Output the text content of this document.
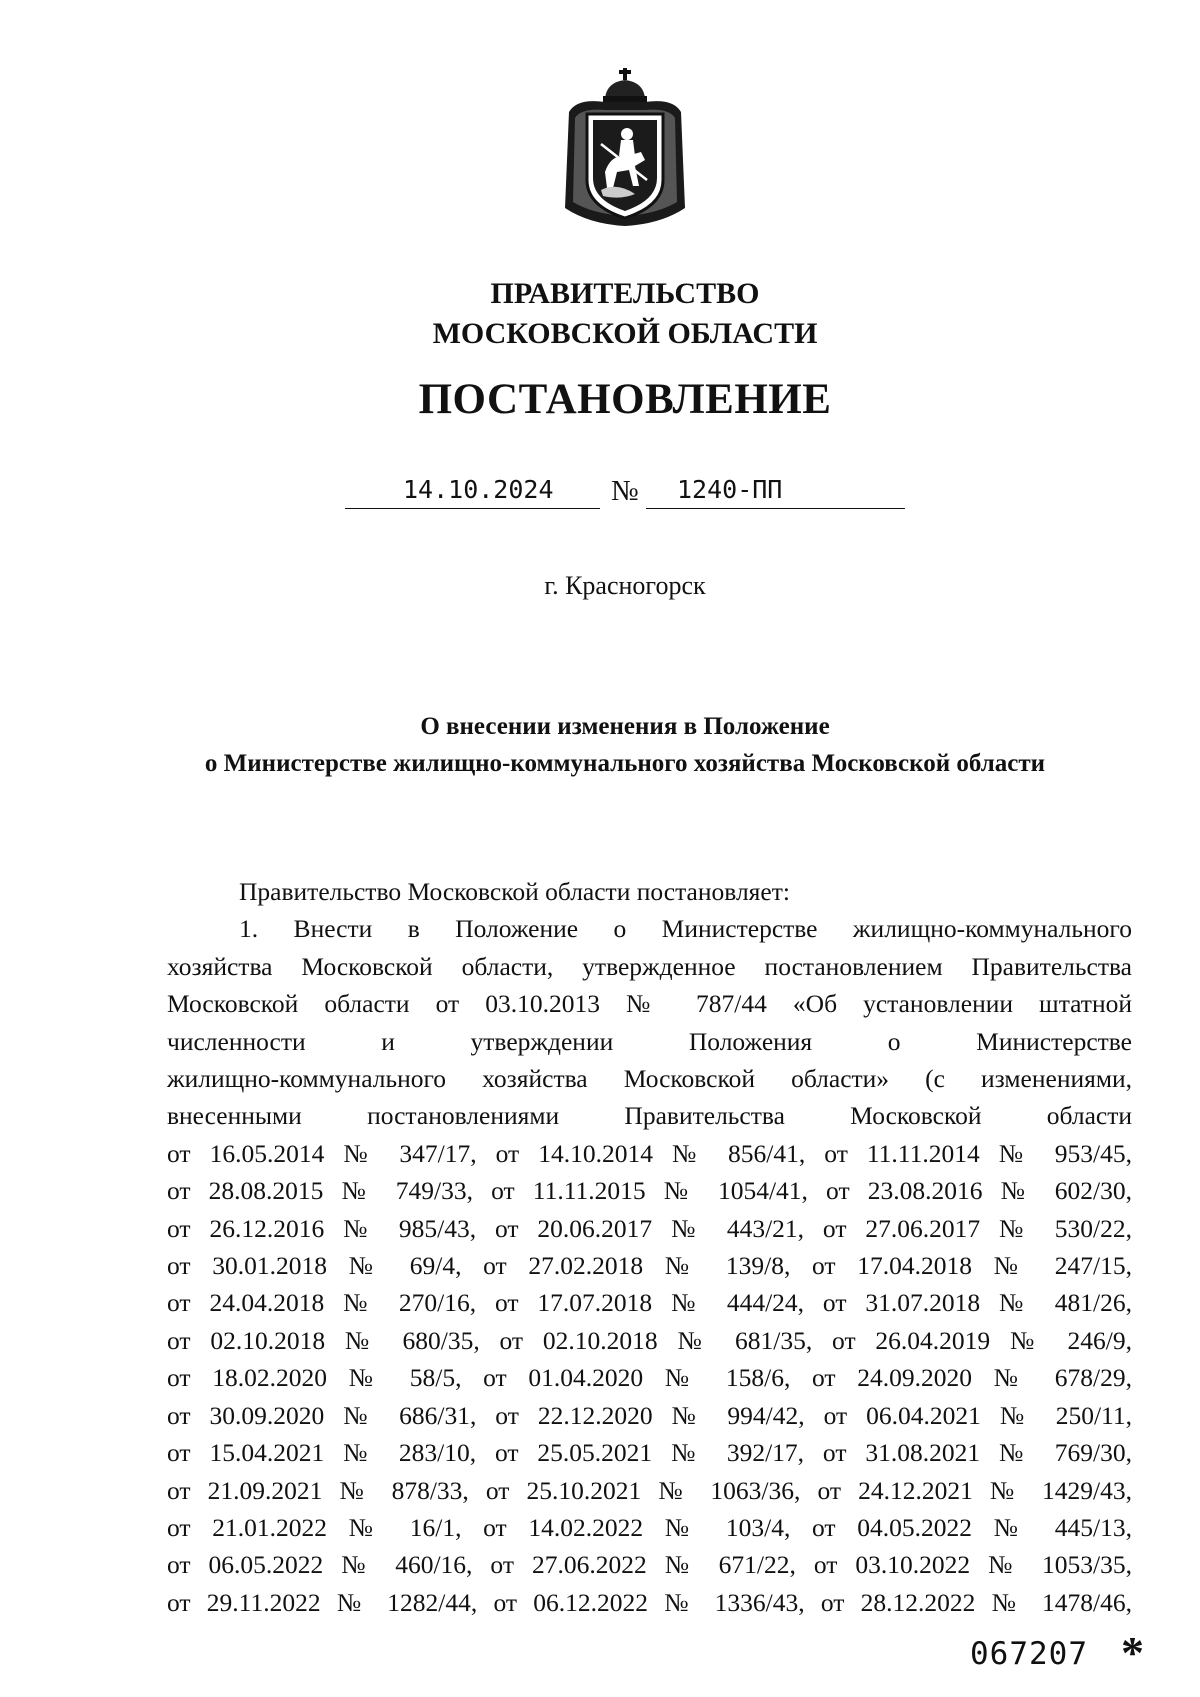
ПРАВИТЕЛЬСТВО
МОСКОВСКОЙ ОБЛАСТИ
ПОСТАНОВЛЕНИЕ
14.10.2024 № 1240-ПП
г. Красногорск
О внесении изменения в Положение
о Министерстве жилищно-коммунального хозяйства Московской области
Правительство Московской области постановляет:
1. Внести в Положение о Министерстве жилищно-коммунального
хозяйства Московской области, утвержденное постановлением Правительства
Московской области от 03.10.2013 № 787/44 «Об установлении штатной
численности и утверждении Положения о Министерстве
жилищно-коммунального хозяйства Московской области» (с изменениями,
внесенными постановлениями Правительства Московской области
от 16.05.2014 № 347/17, от 14.10.2014 № 856/41, от 11.11.2014 № 953/45,
от 28.08.2015 № 749/33, от 11.11.2015 № 1054/41, от 23.08.2016 № 602/30,
от 26.12.2016 № 985/43, от 20.06.2017 № 443/21, от 27.06.2017 № 530/22,
от 30.01.2018 № 69/4, от 27.02.2018 № 139/8, от 17.04.2018 № 247/15,
от 24.04.2018 № 270/16, от 17.07.2018 № 444/24, от 31.07.2018 № 481/26,
от 02.10.2018 № 680/35, от 02.10.2018 № 681/35, от 26.04.2019 № 246/9,
от 18.02.2020 № 58/5, от 01.04.2020 № 158/6, от 24.09.2020 № 678/29,
от 30.09.2020 № 686/31, от 22.12.2020 № 994/42, от 06.04.2021 № 250/11,
от 15.04.2021 № 283/10, от 25.05.2021 № 392/17, от 31.08.2021 № 769/30,
от 21.09.2021 № 878/33, от 25.10.2021 № 1063/36, от 24.12.2021 № 1429/43,
от 21.01.2022 № 16/1, от 14.02.2022 № 103/4, от 04.05.2022 № 445/13,
от 06.05.2022 № 460/16, от 27.06.2022 № 671/22, от 03.10.2022 № 1053/35,
от 29.11.2022 № 1282/44, от 06.12.2022 № 1336/43, от 28.12.2022 № 1478/46,
067207 *
